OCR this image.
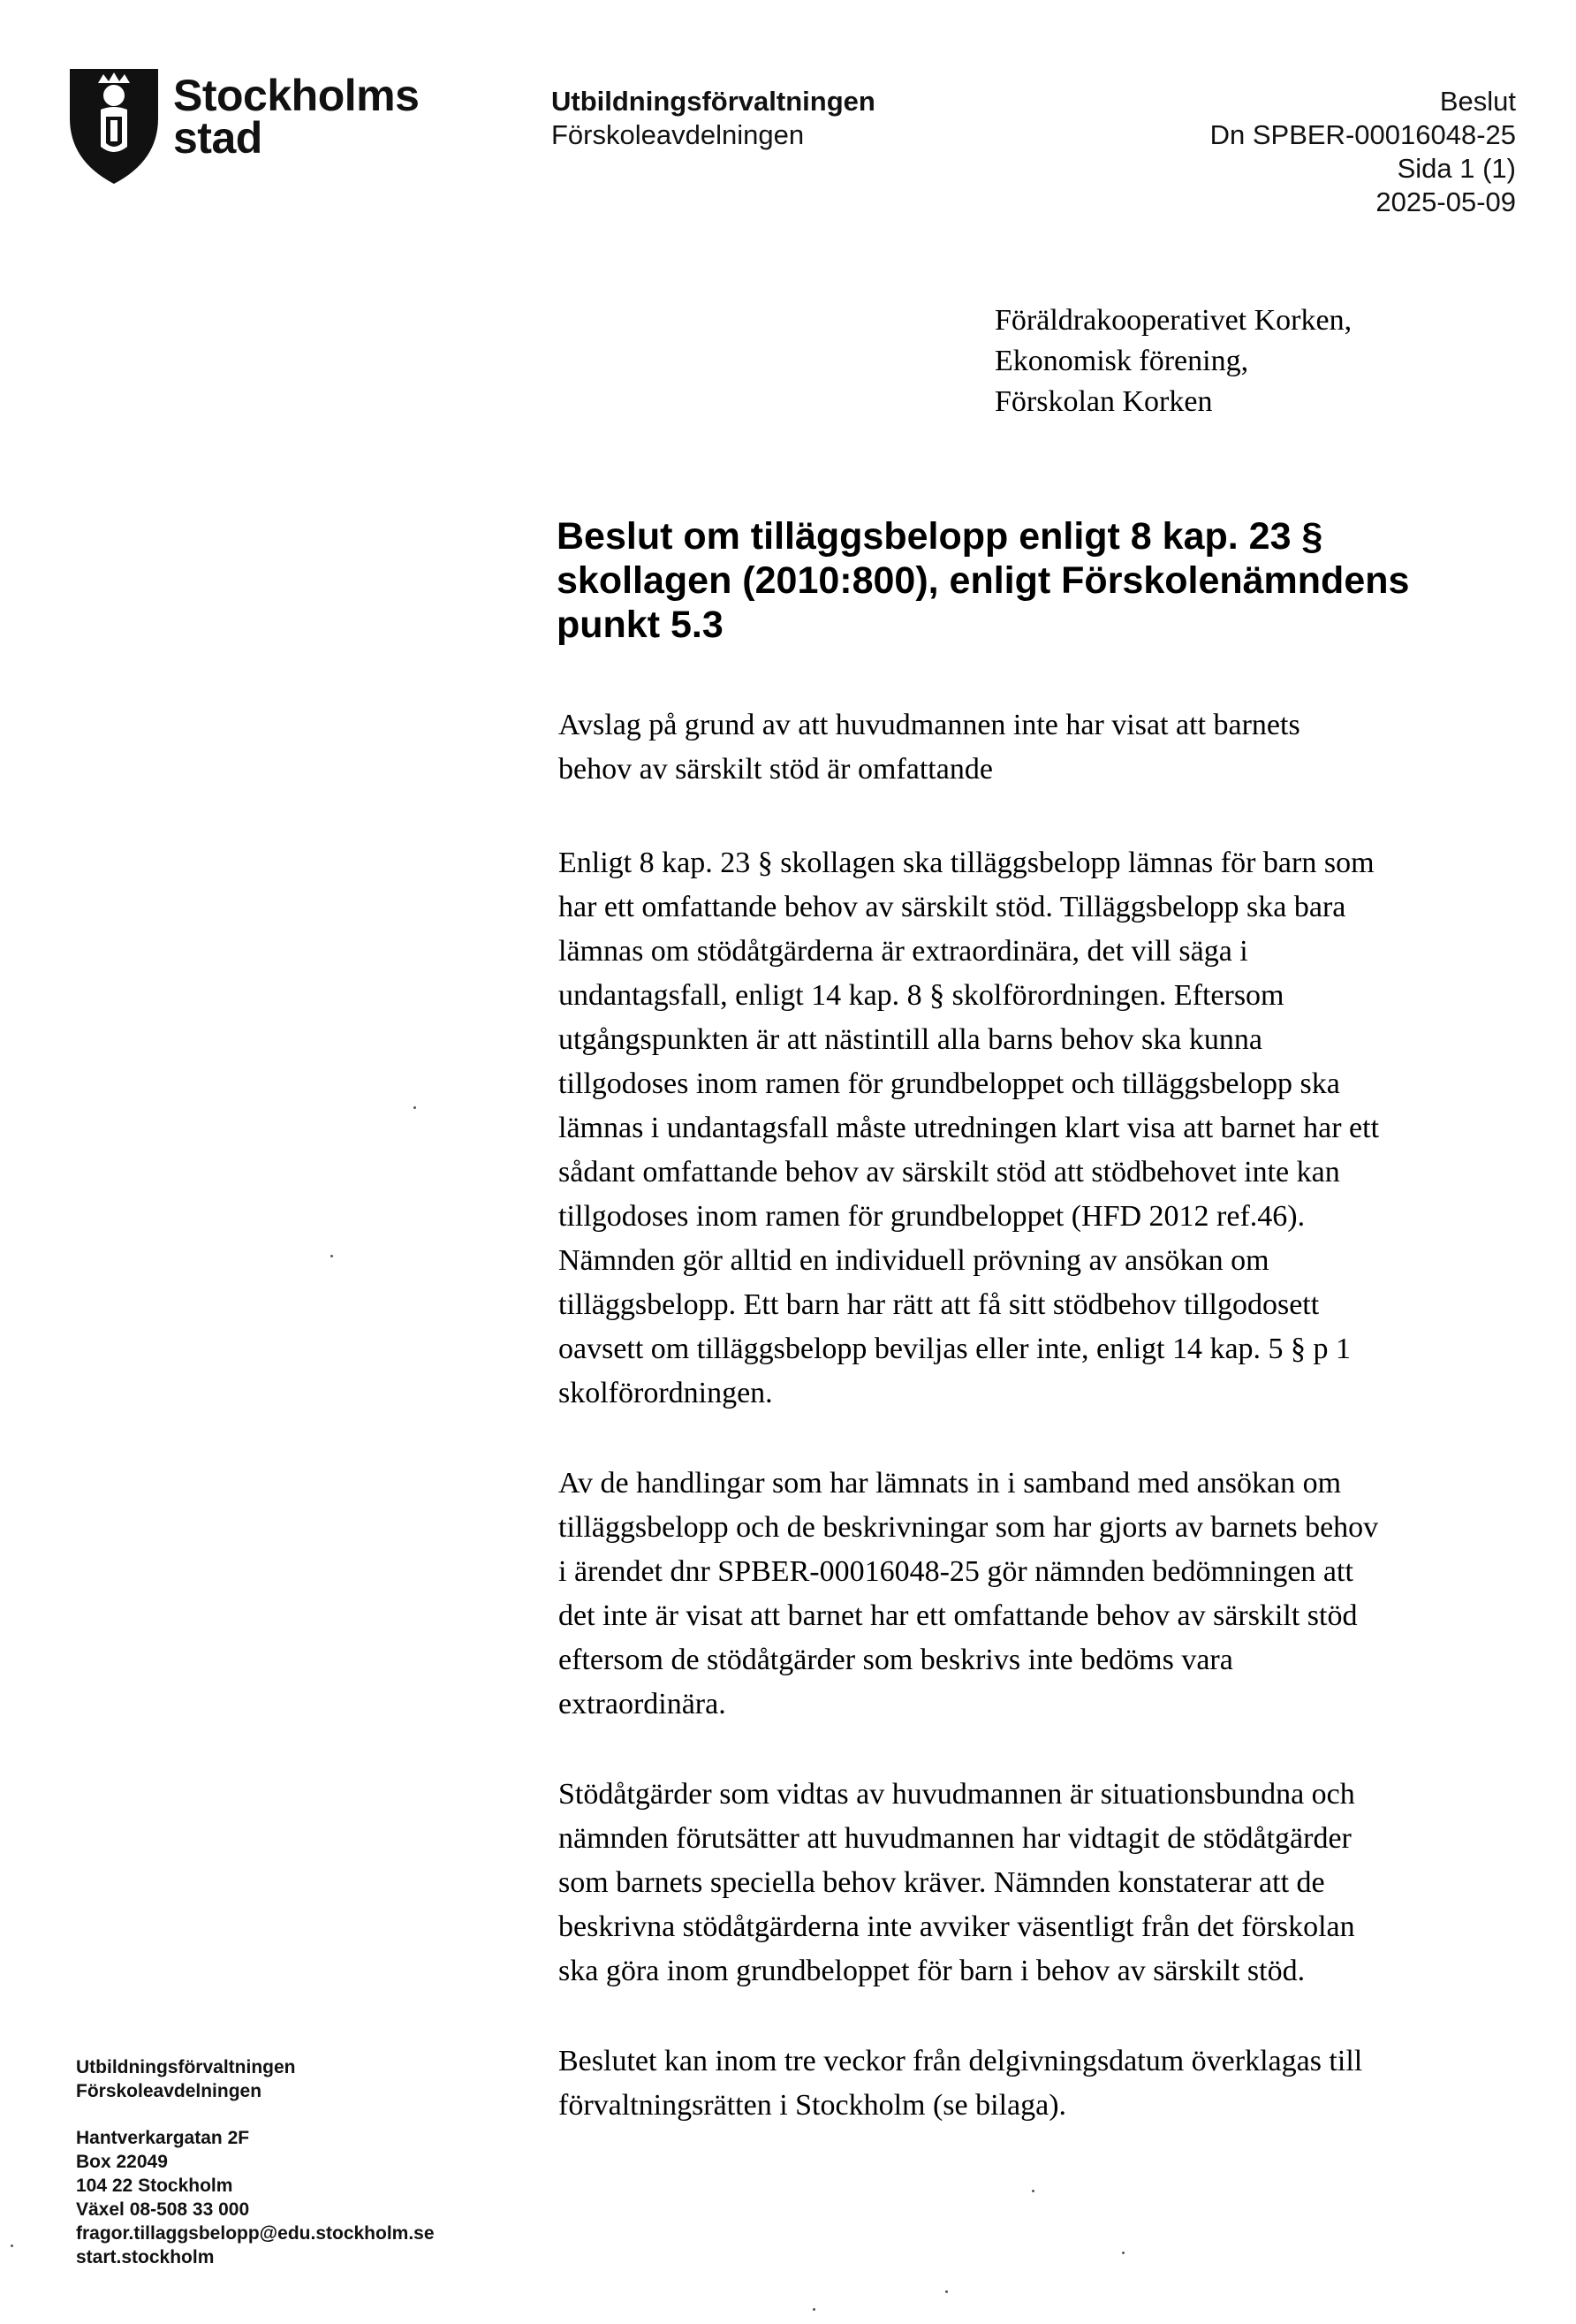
Stockholms
stad
Utbildningsförvaltningen
Förskoleavdelningen
Beslut
Dn SPBER-00016048-25
Sida 1 (1)
2025-05-09
Föräldrakooperativet Korken,
Ekonomisk förening,
Förskolan Korken
Beslut om tilläggsbelopp enligt 8 kap. 23 §
skollagen (2010:800), enligt Förskolenämndens
punkt 5.3
Avslag på grund av att huvudmannen inte har visat att barnets
behov av särskilt stöd är omfattande
Enligt 8 kap. 23 § skollagen ska tilläggsbelopp lämnas för barn som
har ett omfattande behov av särskilt stöd. Tilläggsbelopp ska bara
lämnas om stödåtgärderna är extraordinära, det vill säga i
undantagsfall, enligt 14 kap. 8 § skolförordningen. Eftersom
utgångspunkten är att nästintill alla barns behov ska kunna
tillgodoses inom ramen för grundbeloppet och tilläggsbelopp ska
lämnas i undantagsfall måste utredningen klart visa att barnet har ett
sådant omfattande behov av särskilt stöd att stödbehovet inte kan
tillgodoses inom ramen för grundbeloppet (HFD 2012 ref.46).
Nämnden gör alltid en individuell prövning av ansökan om
tilläggsbelopp. Ett barn har rätt att få sitt stödbehov tillgodosett
oavsett om tilläggsbelopp beviljas eller inte, enligt 14 kap. 5 § p 1
skolförordningen.
Av de handlingar som har lämnats in i samband med ansökan om
tilläggsbelopp och de beskrivningar som har gjorts av barnets behov
i ärendet dnr SPBER-00016048-25 gör nämnden bedömningen att
det inte är visat att barnet har ett omfattande behov av särskilt stöd
eftersom de stödåtgärder som beskrivs inte bedöms vara
extraordinära.
Stödåtgärder som vidtas av huvudmannen är situationsbundna och
nämnden förutsätter att huvudmannen har vidtagit de stödåtgärder
som barnets speciella behov kräver. Nämnden konstaterar att de
beskrivna stödåtgärderna inte avviker väsentligt från det förskolan
ska göra inom grundbeloppet för barn i behov av särskilt stöd.
Beslutet kan inom tre veckor från delgivningsdatum överklagas till
förvaltningsrätten i Stockholm (se bilaga).
Utbildningsförvaltningen
Förskoleavdelningen
Hantverkargatan 2F
Box 22049
104 22 Stockholm
Växel 08-508 33 000
fragor.tillaggsbelopp@edu.stockholm.se
start.stockholm
